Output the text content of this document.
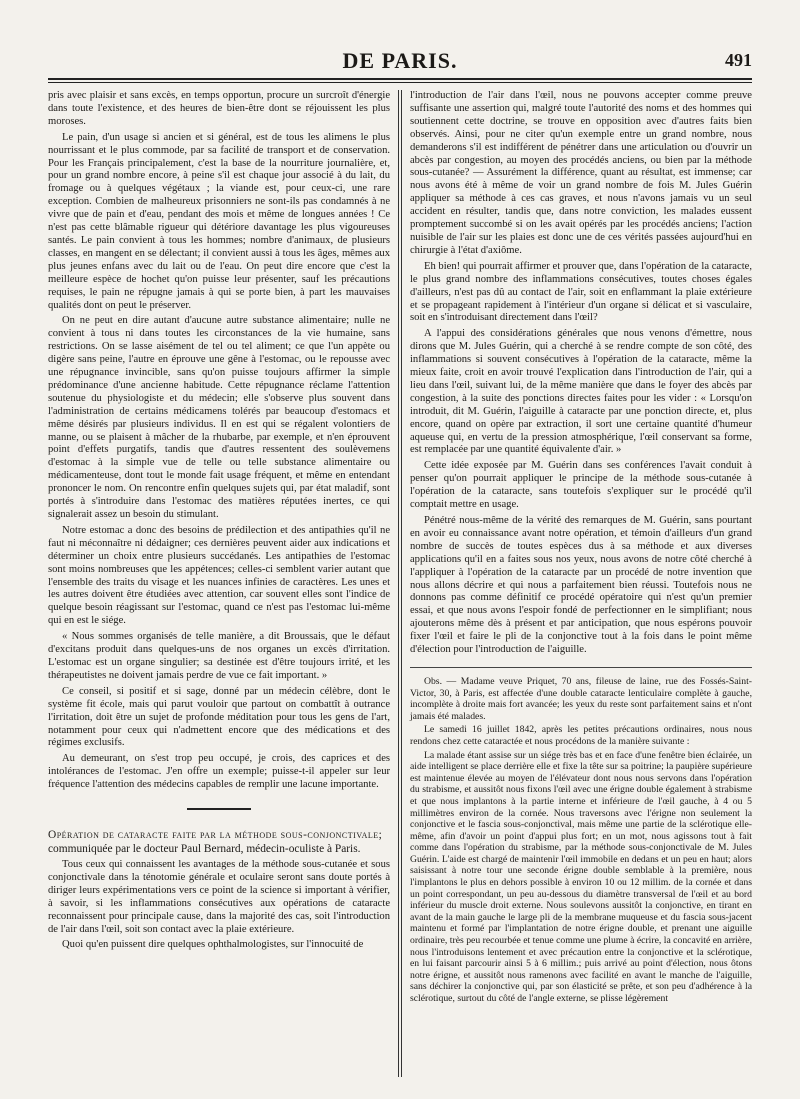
DE PARIS.	491

pris avec plaisir et sans excès, en temps opportun, procure un surcroît d'énergie dans toute l'existence, et des heures de bien-être dont se réjouissent les plus moroses.

Le pain, d'un usage si ancien et si général, est de tous les alimens le plus nourrissant et le plus commode, par sa facilité de transport et de conservation. Pour les Français principalement, c'est la base de la nourriture journalière, et, pour un grand nombre encore, à peine s'il est chaque jour associé à du lait, du fromage ou à quelques végétaux ; la viande est, pour ceux-ci, une rare exception. Combien de malheureux prisonniers ne sont-ils pas condamnés à ne vivre que de pain et d'eau, pendant des mois et même de longues années ! Ce n'est pas cette blâmable rigueur qui détériore davantage les plus vigoureuses santés. Le pain convient à tous les hommes; nombre d'animaux, de plusieurs classes, en mangent en se délectant; il convient aussi à tous les âges, mêmes aux plus jeunes enfans avec du lait ou de l'eau. On peut dire encore que c'est la meilleure espèce de hochet qu'on puisse leur présenter, sauf les précautions requises, le pain ne répugne jamais à qui se porte bien, à part les mauvaises qualités dont on peut le préserver.

On ne peut en dire autant d'aucune autre substance alimentaire; nulle ne convient à tous ni dans toutes les circonstances de la vie humaine, sans restrictions. On se lasse aisément de tel ou tel aliment; ce que l'un appète ou digère sans peine, l'autre en éprouve une gêne à l'estomac, ou le repousse avec une répugnance invincible, sans qu'on puisse toujours affirmer la simple prédominance d'une ancienne habitude. Cette répugnance réclame l'attention soutenue du physiologiste et du médecin; elle s'observe plus souvent dans l'administration de certains médicamens tolérés par beaucoup d'estomacs et même désirés par plusieurs individus. Il en est qui se régalent volontiers de manne, ou se plaisent à mâcher de la rhubarbe, par exemple, et n'en éprouvent point d'effets purgatifs, tandis que d'autres ressentent des soulèvemens d'estomac à la simple vue de telle ou telle substance alimentaire ou médicamenteuse, dont tout le monde fait usage fréquent, et même en entendant prononcer le nom. On rencontre enfin quelques sujets qui, par état maladif, sont portés à s'introduire dans l'estomac des matières réputées inertes, ce qui signalerait assez un besoin du stimulant.

Notre estomac a donc des besoins de prédilection et des antipathies qu'il ne faut ni méconnaître ni dédaigner; ces dernières peuvent aider aux indications et déterminer un choix entre plusieurs succédanés. Les antipathies de l'estomac sont moins nombreuses que les appétences; celles-ci semblent varier autant que l'ensemble des traits du visage et les nuances infinies de caractères. Les unes et les autres doivent être étudiées avec attention, car souvent elles sont l'indice de quelque besoin réagissant sur l'estomac, quand ce n'est pas l'estomac lui-même qui en est le siége.

« Nous sommes organisés de telle manière, a dit Broussais, que le défaut d'excitans produit dans quelques-uns de nos organes un excès d'irritation. L'estomac est un organe singulier; sa destinée est d'être toujours irrité, et les thérapeutistes ne doivent jamais perdre de vue ce fait important. »

Ce conseil, si positif et si sage, donné par un médecin célèbre, dont le système fit école, mais qui parut vouloir que partout on combattît à outrance l'irritation, doit être un sujet de profonde méditation pour tous les gens de l'art, notamment pour ceux qui n'admettent encore que des médications et des régimes exclusifs.

Au demeurant, on s'est trop peu occupé, je crois, des caprices et des intolérances de l'estomac. J'en offre un exemple; puisse-t-il appeler sur leur fréquence l'attention des médecins capables de remplir une lacune importante.

Opération de cataracte faite par la méthode sous-conjonctivale; communiquée par le docteur Paul Bernard, médecin-oculiste à Paris.

Tous ceux qui connaissent les avantages de la méthode sous-cutanée et sous conjonctivale dans la ténotomie générale et oculaire seront sans doute portés à diriger leurs expérimentations vers ce point de la science si important à vérifier, à savoir, si les inflammations consécutives aux opérations de cataracte reconnaissent pour principale cause, dans la majorité des cas, soit l'introduction de l'air dans l'œil, soit son contact avec la plaie extérieure.

Quoi qu'en puissent dire quelques ophthalmologistes, sur l'innocuité de

l'introduction de l'air dans l'œil, nous ne pouvons accepter comme preuve suffisante une assertion qui, malgré toute l'autorité des noms et des hommes qui soutiennent cette doctrine, se trouve en opposition avec d'autres faits bien observés. Ainsi, pour ne citer qu'un exemple entre un grand nombre, nous demanderons s'il est indifférent de pénétrer dans une articulation ou d'ouvrir un abcès par congestion, au moyen des procédés anciens, ou bien par la méthode sous-cutanée? — Assurément la différence, quant au résultat, est immense; car nous avons été à même de voir un grand nombre de fois M. Jules Guérin appliquer sa méthode à ces cas graves, et nous n'avons jamais vu un seul accident en résulter, tandis que, dans notre conviction, les malades eussent promptement succombé si on les avait opérés par les procédés anciens; l'action nuisible de l'air sur les plaies est donc une de ces vérités passées aujourd'hui en chirurgie à l'état d'axiôme.

Eh bien! qui pourrait affirmer et prouver que, dans l'opération de la cataracte, le plus grand nombre des inflammations consécutives, toutes choses égales d'ailleurs, n'est pas dû au contact de l'air, soit en enflammant la plaie extérieure et se propageant rapidement à l'intérieur d'un organe si délicat et si vasculaire, soit en s'introduisant directement dans l'œil?

A l'appui des considérations générales que nous venons d'émettre, nous dirons que M. Jules Guérin, qui a cherché à se rendre compte de son côté, des inflammations si souvent consécutives à l'opération de la cataracte, même la mieux faite, croit en avoir trouvé l'explication dans l'introduction de l'air, qui a lieu dans l'œil, suivant lui, de la même manière que dans le foyer des abcès par congestion, à la suite des ponctions directes faites pour les vider : « Lorsqu'on introduit, dit M. Guérin, l'aiguille à cataracte par une ponction directe, et, plus encore, quand on opère par extraction, il sort une certaine quantité d'humeur aqueuse qui, en vertu de la pression atmosphérique, l'œil conservant sa forme, est remplacée par une quantité équivalente d'air. »

Cette idée exposée par M. Guérin dans ses conférences l'avait conduit à penser qu'on pourrait appliquer le principe de la méthode sous-cutanée à l'opération de la cataracte, sans toutefois s'expliquer sur le procédé qu'il comptait mettre en usage.

Pénétré nous-même de la vérité des remarques de M. Guérin, sans pourtant en avoir eu connaissance avant notre opération, et témoin d'ailleurs d'un grand nombre de succès de toutes espèces dus à sa méthode et aux diverses applications qu'il en a faites sous nos yeux, nous avons de notre côté cherché à l'appliquer à l'opération de la cataracte par un procédé de notre invention que nous allons décrire et qui nous a parfaitement bien réussi. Toutefois nous ne donnons pas comme définitif ce procédé opératoire qui n'est qu'un premier essai, et que nous avons l'espoir fondé de perfectionner en le simplifiant; nous ajouterons même dès à présent et par anticipation, que nous espérons pouvoir fixer l'œil et faire le pli de la conjonctive tout à la fois dans le point même d'élection pour l'introduction de l'aiguille.

Obs. — Madame veuve Priquet, 70 ans, fileuse de laine, rue des Fossés-Saint-Victor, 30, à Paris, est affectée d'une double cataracte lenticulaire complète à gauche, incomplète à droite mais fort avancée; les yeux du reste sont parfaitement sains et n'ont jamais été malades.

Le samedi 16 juillet 1842, après les petites précautions ordinaires, nous nous rendons chez cette cataractée et nous procédons de la manière suivante :

La malade étant assise sur un siége très bas et en face d'une fenêtre bien éclairée, un aide intelligent se place derrière elle et fixe la tête sur sa poitrine; la paupière supérieure est maintenue élevée au moyen de l'élévateur dont nous nous servons dans l'opération du strabisme, et aussitôt nous fixons l'œil avec une érigne double également à strabisme et que nous implantons à la partie interne et inférieure de l'œil gauche, à 4 ou 5 millimètres environ de la cornée. Nous traversons avec l'érigne non seulement la conjonctive et le fascia sous-conjonctival, mais même une partie de la sclérotique elle-même, afin d'avoir un point d'appui plus fort; en un mot, nous agissons tout à fait comme dans l'opération du strabisme, par la méthode sous-conjonctivale de M. Jules Guérin. L'aide est chargé de maintenir l'œil immobile en dedans et un peu en haut; alors saisissant à notre tour une seconde érigne double semblable à la première, nous l'implantons le plus en dehors possible à environ 10 ou 12 millim. de la cornée et dans un point correspondant, un peu au-dessous du diamètre transversal de l'œil et au bord inférieur du muscle droit externe. Nous soulevons aussitôt la conjonctive, en tirant en avant de la main gauche le large pli de la membrane muqueuse et du fascia sous-jacent maintenu et formé par l'implantation de notre érigne double, et prenant une aiguille ordinaire, très peu recourbée et tenue comme une plume à écrire, la concavité en arrière, nous l'introduisons lentement et avec précaution entre la conjonctive et la sclérotique, en lui faisant parcourir ainsi 5 à 6 millim.; puis arrivé au point d'élection, nous ôtons notre érigne, et aussitôt nous ramenons avec facilité en avant le manche de l'aiguille, sans déchirer la conjonctive qui, par son élasticité se prête, et son peu d'adhérence à la sclérotique, surtout du côté de l'angle externe, se plisse légèrement
